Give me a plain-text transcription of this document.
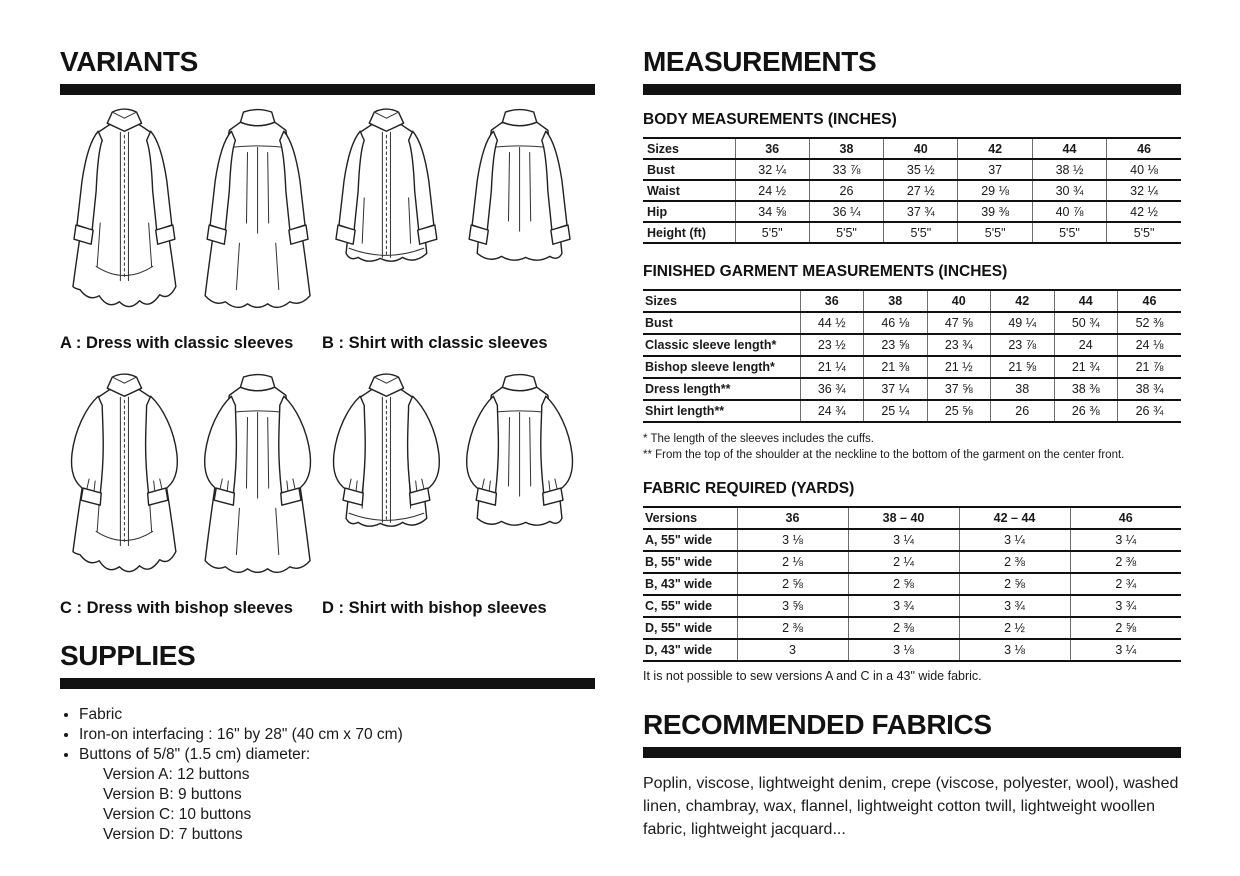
VARIANTS
A : Dress with classic sleeves	B : Shirt with classic sleeves
C : Dress with bishop sleeves	D : Shirt with bishop sleeves
SUPPLIES
• Fabric
• Iron-on interfacing : 16" by 28" (40 cm x 70 cm)
• Buttons of 5/8" (1.5 cm) diameter:
Version A: 12 buttons
Version B: 9 buttons
Version C: 10 buttons
Version D: 7 buttons
MEASUREMENTS
BODY MEASUREMENTS (INCHES)
Sizes	36	38	40	42	44	46
Bust	32 ¼	33 ⅞	35 ½	37	38 ½	40 ⅛
Waist	24 ½	26	27 ½	29 ⅛	30 ¾	32 ¼
Hip	34 ⅝	36 ¼	37 ¾	39 ⅜	40 ⅞	42 ½
Height (ft)	5'5"	5'5"	5'5"	5'5"	5'5"	5'5"
FINISHED GARMENT MEASUREMENTS (INCHES)
Sizes	36	38	40	42	44	46
Bust	44 ½	46 ⅛	47 ⅝	49 ¼	50 ¾	52 ⅜
Classic sleeve length*	23 ½	23 ⅝	23 ¾	23 ⅞	24	24 ⅛
Bishop sleeve length*	21 ¼	21 ⅜	21 ½	21 ⅝	21 ¾	21 ⅞
Dress length**	36 ¾	37 ¼	37 ⅝	38	38 ⅜	38 ¾
Shirt length**	24 ¾	25 ¼	25 ⅝	26	26 ⅜	26 ¾

* The length of the sleeves includes the cuffs.

** From the top of the shoulder at the neckline to the bottom of the garment on the center front.

FABRIC REQUIRED (YARDS)
Versions	36	38 – 40	42 – 44	46
A, 55" wide	3 ⅛	3 ¼	3 ¼	3 ¼
B, 55" wide	2 ⅛	2 ¼	2 ⅜	2 ⅜
B, 43" wide	2 ⅝	2 ⅝	2 ⅝	2 ¾
C, 55" wide	3 ⅝	3 ¾	3 ¾	3 ¾
D, 55" wide	2 ⅜	2 ⅜	2 ½	2 ⅝
D, 43" wide	3	3 ⅛	3 ⅛	3 ¼

It is not possible to sew versions A and C in a 43" wide fabric.

RECOMMENDED FABRICS

Poplin, viscose, lightweight denim, crepe (viscose, polyester, wool), washed linen, chambray, wax, flannel, lightweight cotton twill, lightweight woollen fabric, lightweight jacquard...
